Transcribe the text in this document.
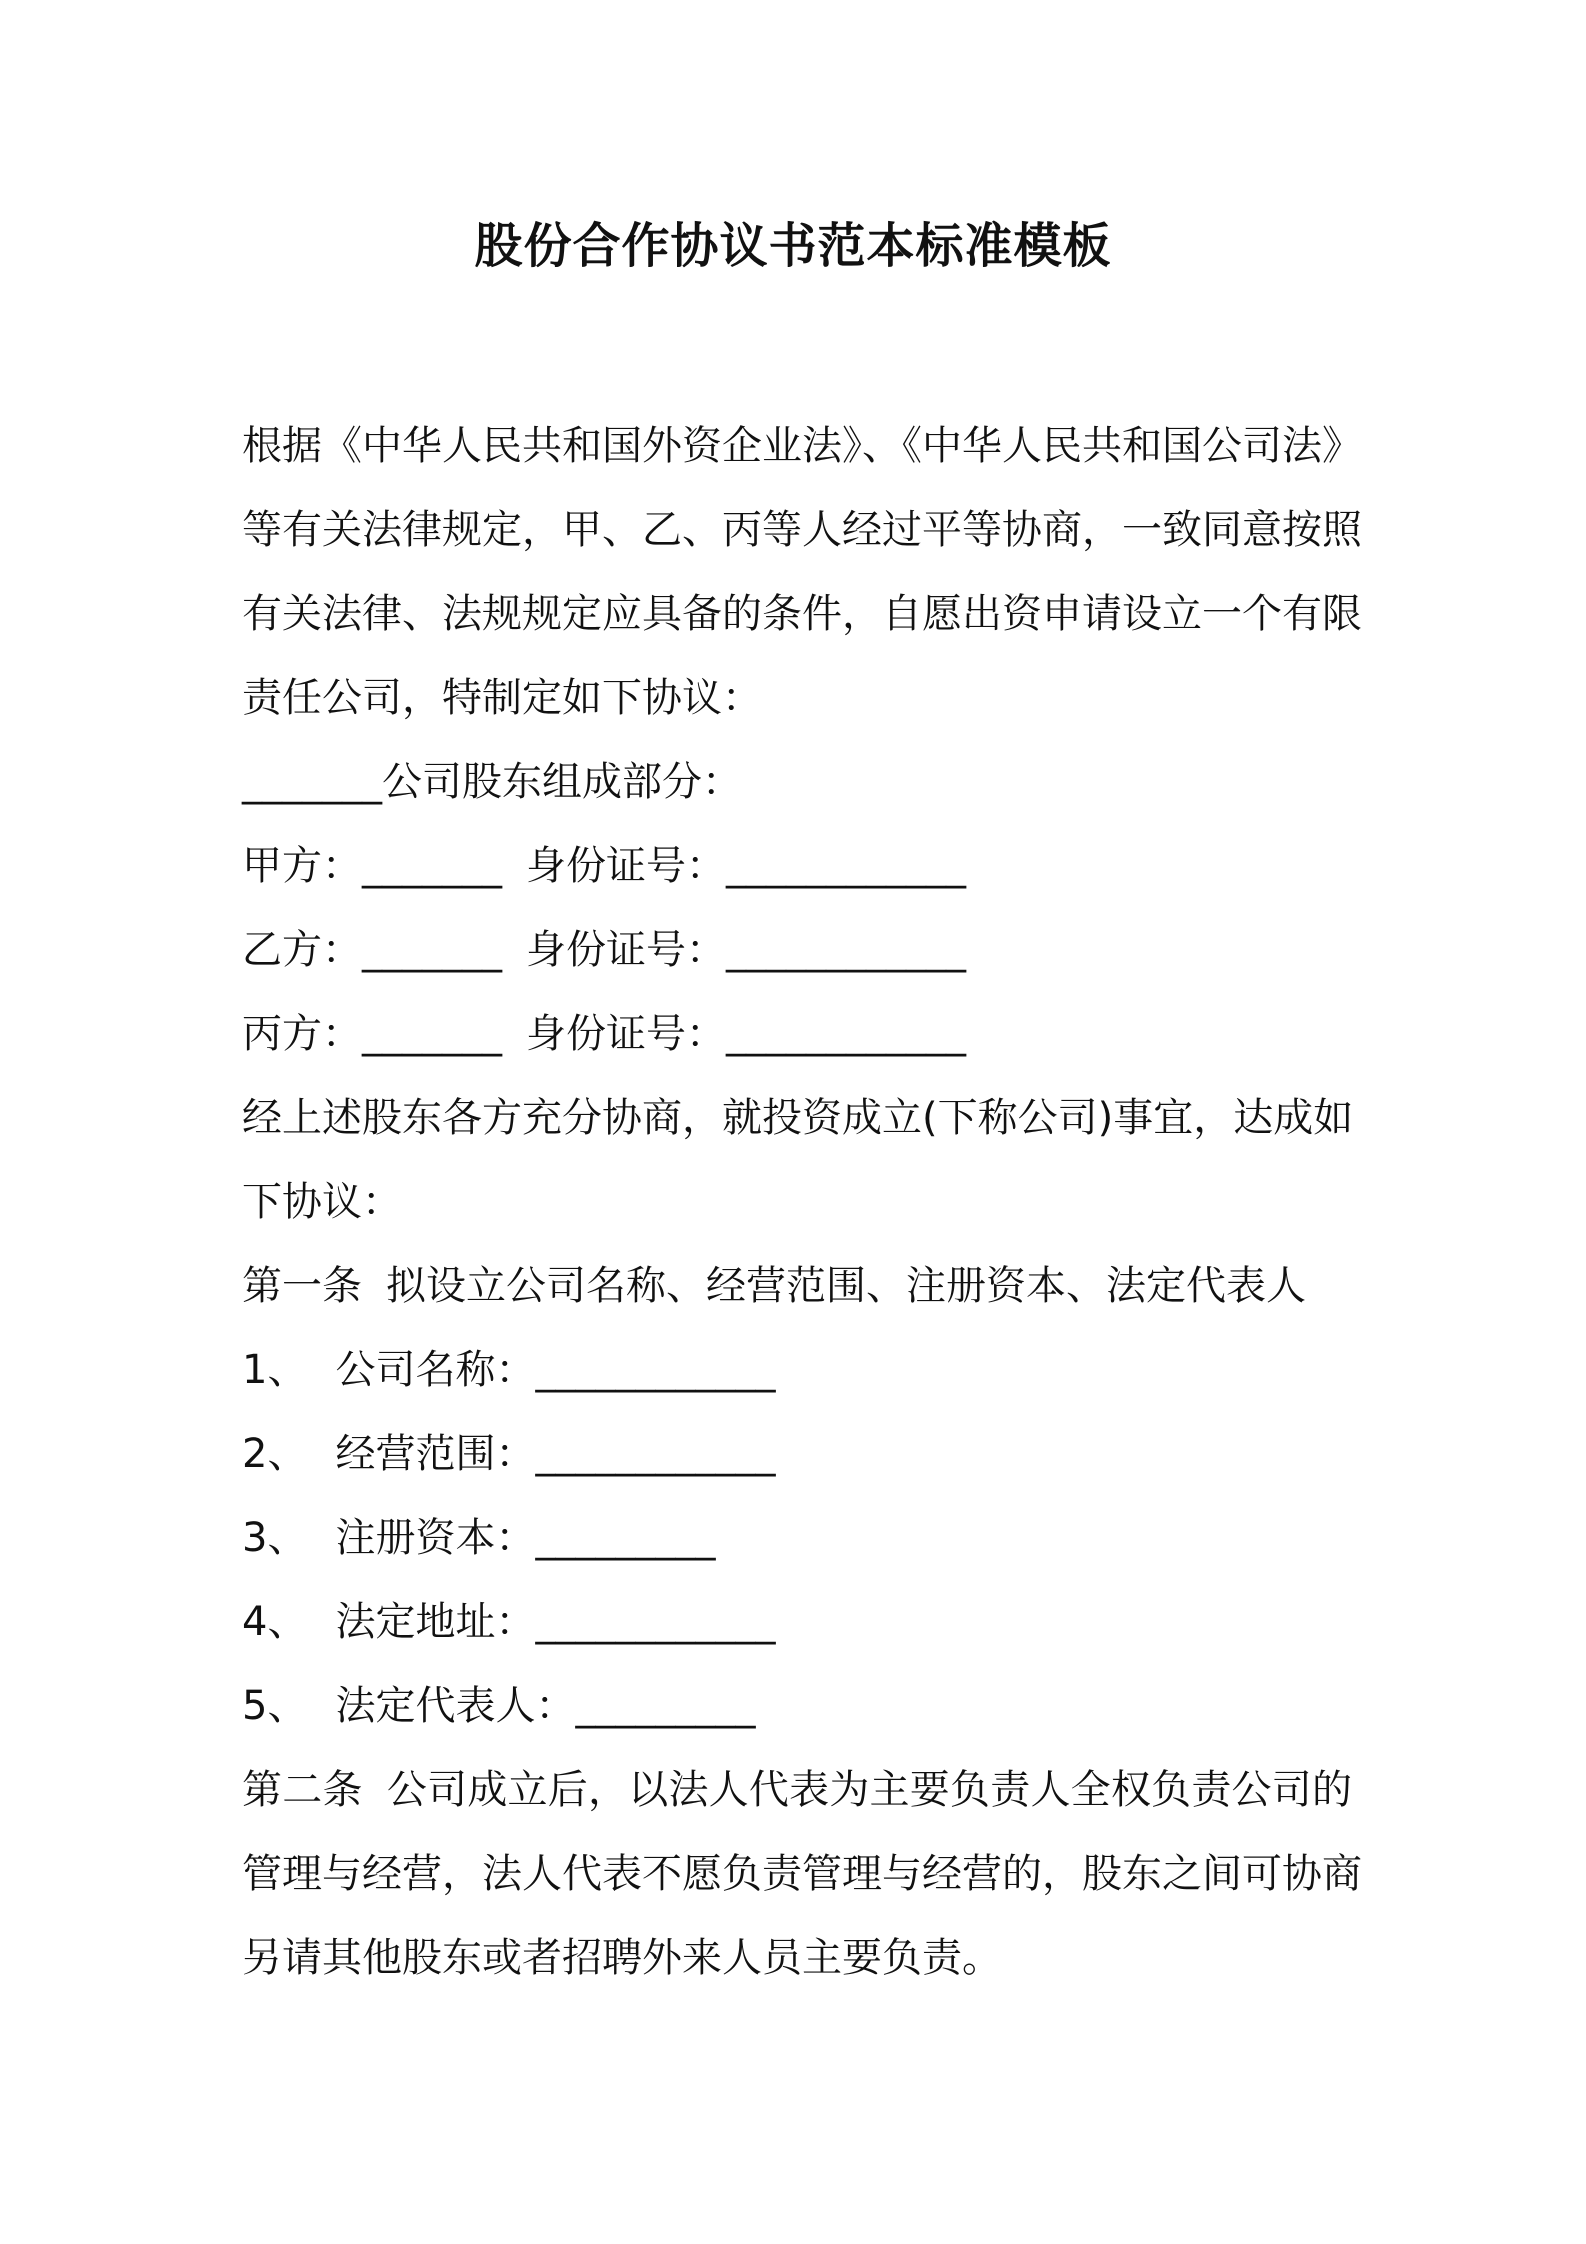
股份合作协议书范本标准模板
根据《中华人民共和国外资企业法》、《中华人民共和国公司法》
等有关法律规定，甲、乙、丙等人经过平等协商，一致同意按照
有关法律、法规规定应具备的条件，自愿出资申请设立一个有限
责任公司，特制定如下协议：
_______公司股东组成部分：
甲方：_______ 身份证号：____________
乙方：_______ 身份证号：____________
丙方：_______ 身份证号：____________
经上述股东各方充分协商，就投资成立(下称公司)事宜，达成如
下协议：
第一条 拟设立公司名称、经营范围、注册资本、法定代表人
1、 公司名称：____________
2、 经营范围：____________
3、 注册资本：_________
4、 法定地址：____________
5、 法定代表人：_________
第二条 公司成立后，以法人代表为主要负责人全权负责公司的
管理与经营，法人代表不愿负责管理与经营的，股东之间可协商
另请其他股东或者招聘外来人员主要负责。
